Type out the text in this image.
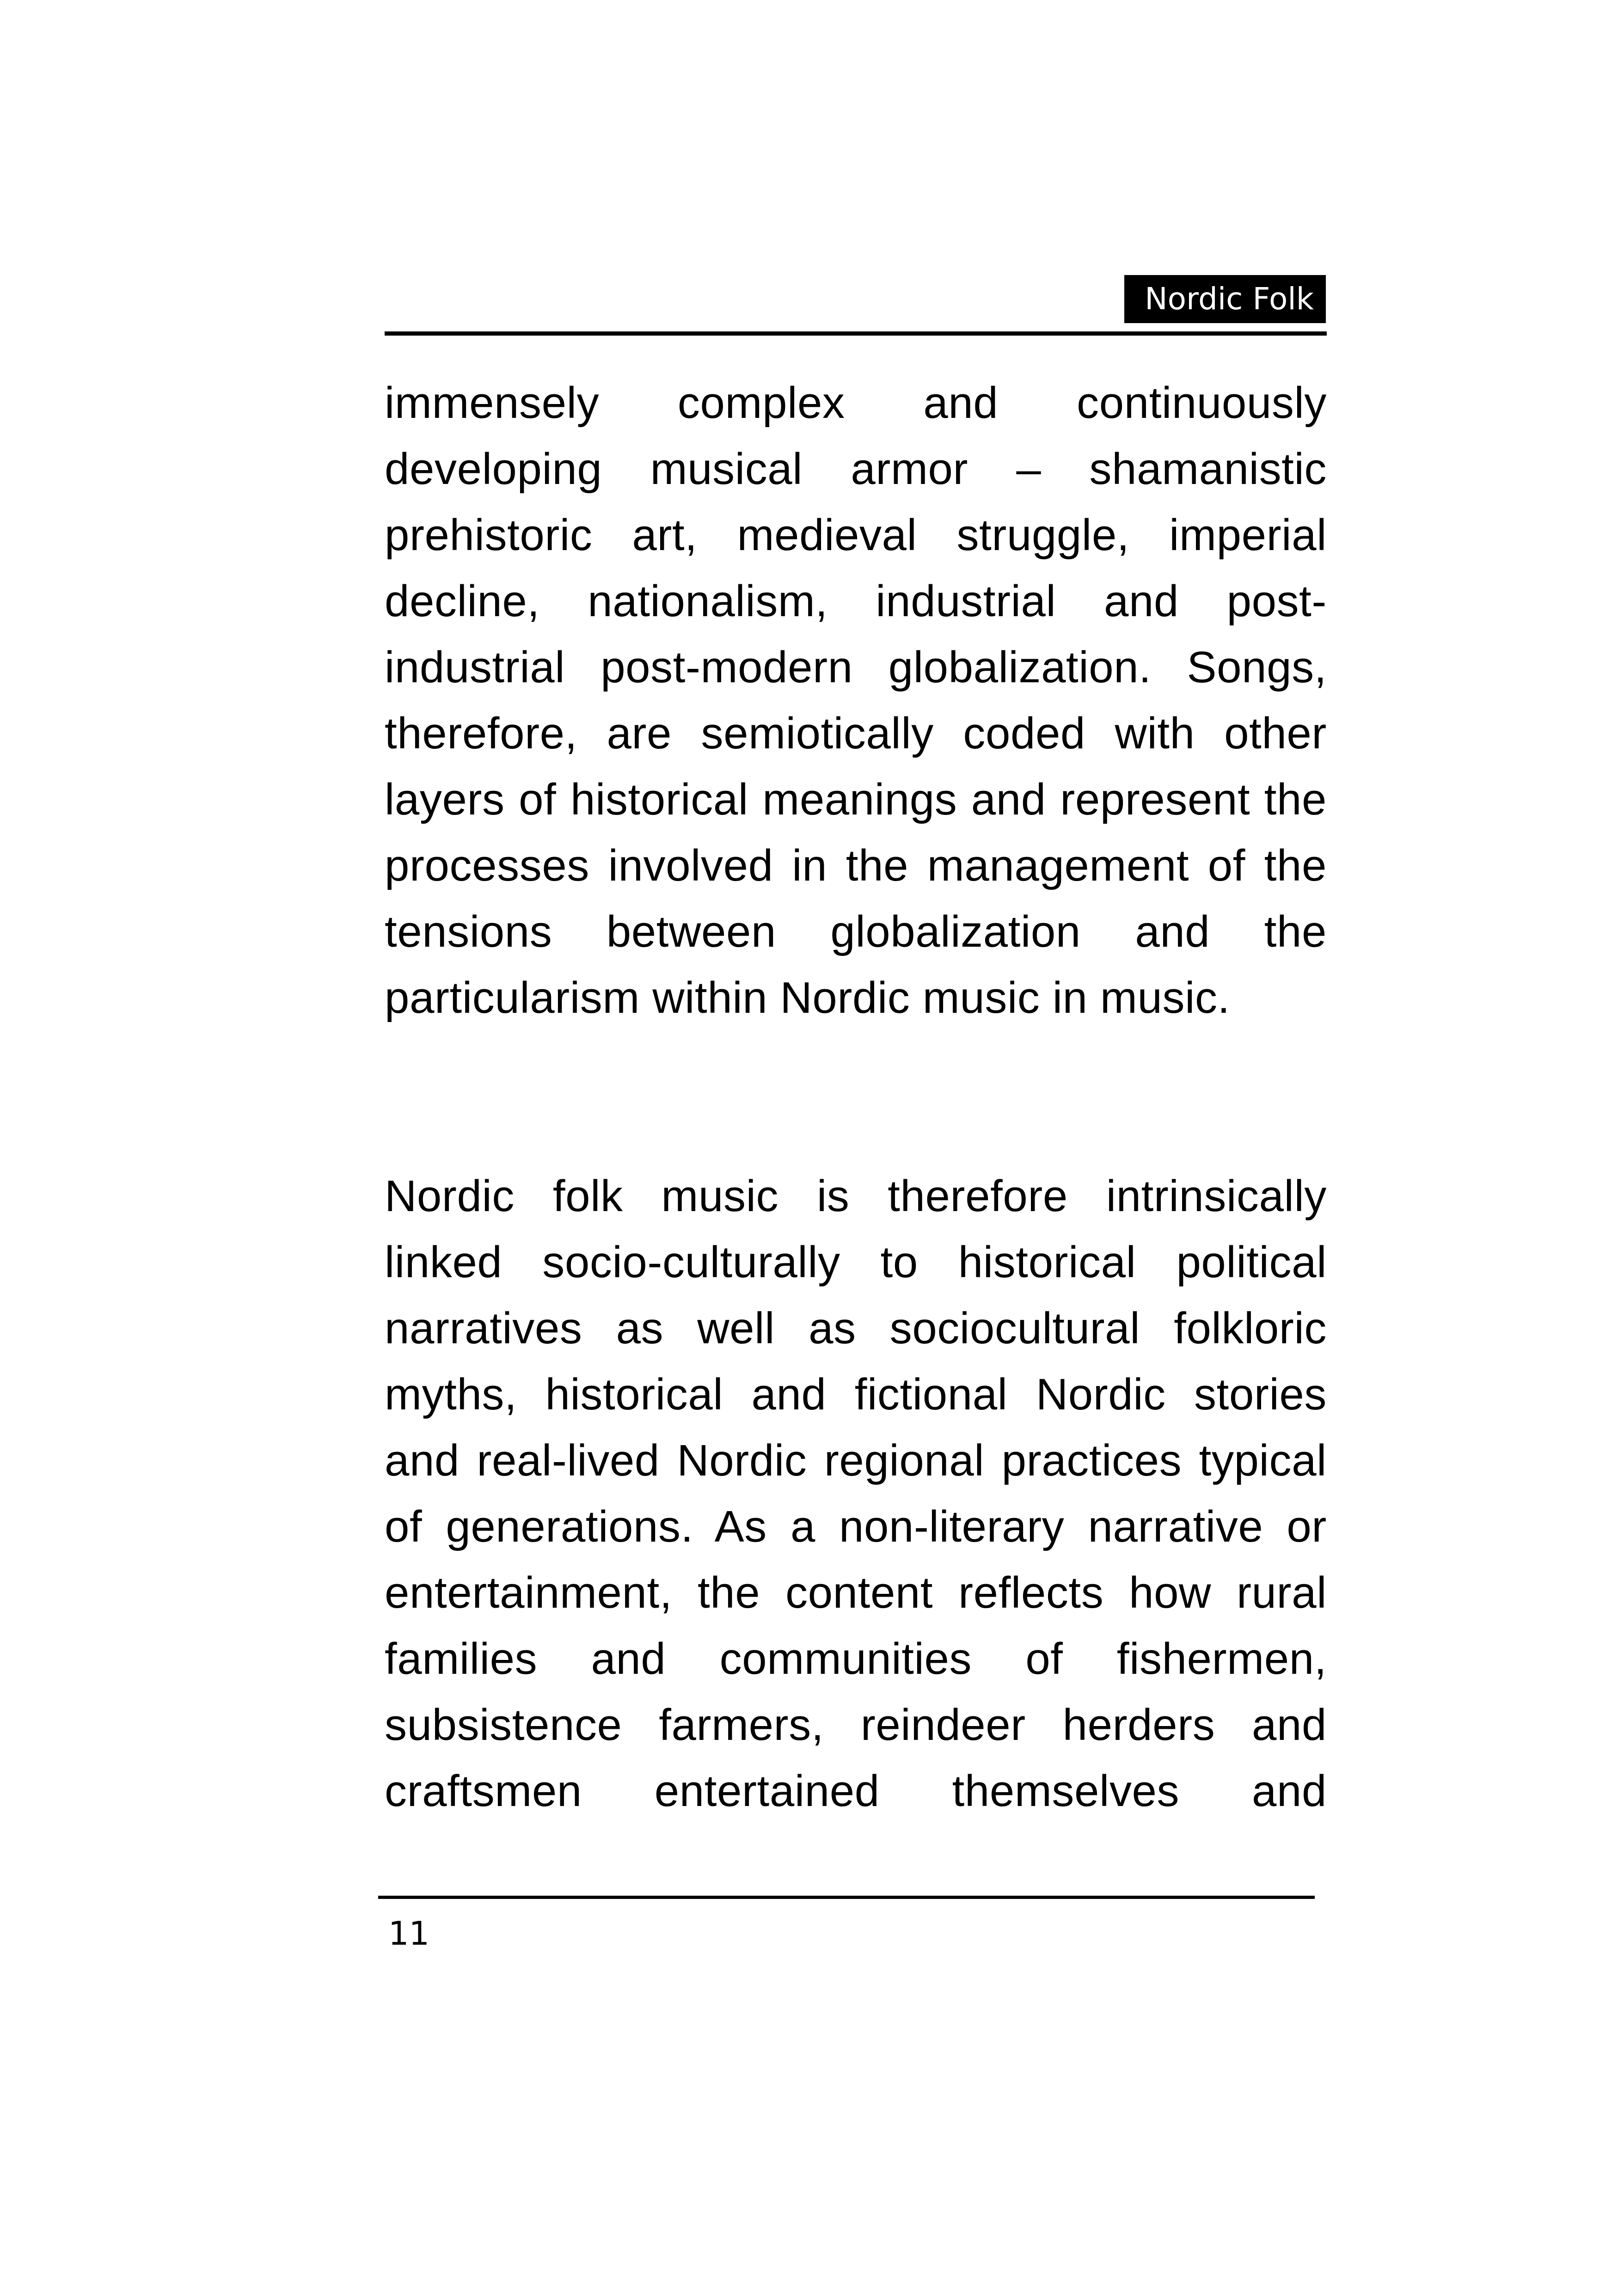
Nordic Folk

immensely complex and continuously developing musical armor – shamanistic prehistoric art, medieval struggle, imperial decline, nationalism, industrial and post-industrial post-modern globalization. Songs, therefore, are semiotically coded with other layers of historical meanings and represent the processes involved in the management of the tensions between globalization and the particularism within Nordic music in music.

Nordic folk music is therefore intrinsically linked socio-culturally to historical political narratives as well as sociocultural folkloric myths, historical and fictional Nordic stories and real-lived Nordic regional practices typical of generations. As a non-literary narrative or entertainment, the content reflects how rural families and communities of fishermen, subsistence farmers, reindeer herders and craftsmen entertained themselves and

11
